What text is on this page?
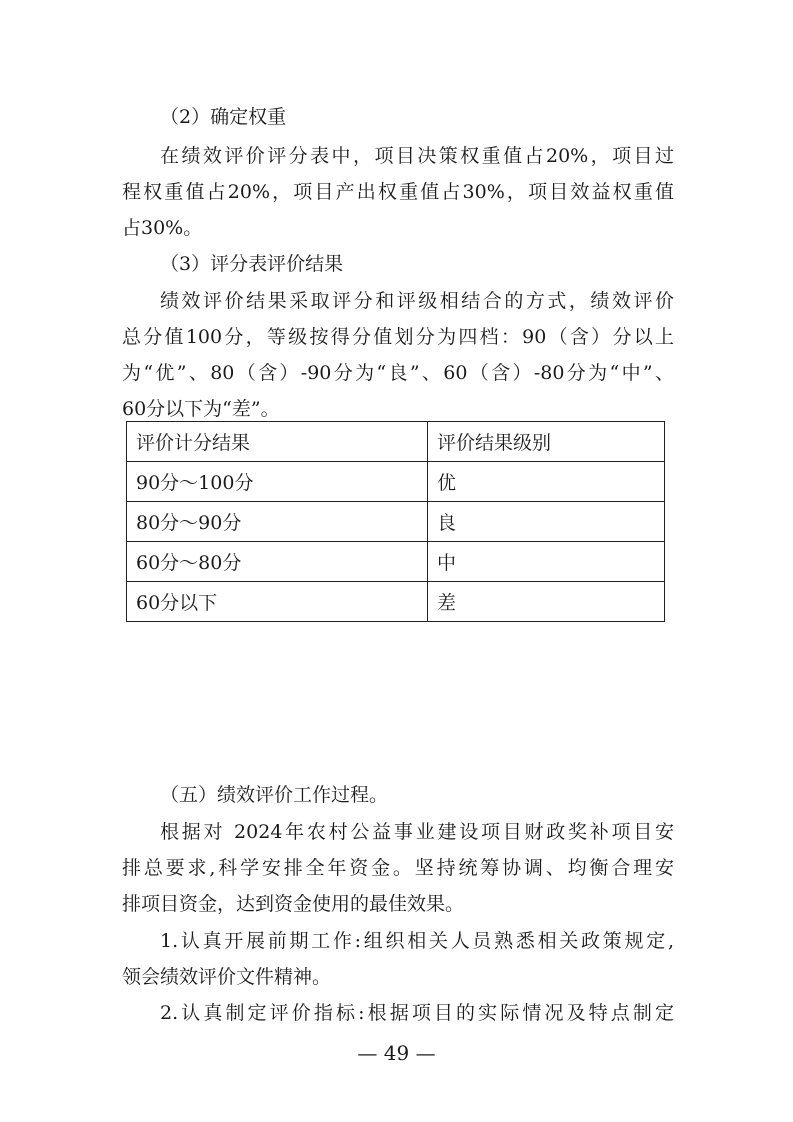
（2）确定权重
在绩效评价评分表中，项目决策权重值占20%，项目过
程权重值占20%，项目产出权重值占30%，项目效益权重值
占30%。
（3）评分表评价结果
绩效评价结果采取评分和评级相结合的方式，绩效评价
总分值100分，等级按得分值划分为四档：90（含）分以上
为“优”、80（含）-90分为“良”、60（含）-80分为“中”、
60分以下为“差”。
评价计分结果	评价结果级别
90分～100分	优
80分～90分	良
60分～80分	中
60分以下	差
（五）绩效评价工作过程。
根据对 2024年农村公益事业建设项目财政奖补项目安
排总要求,科学安排全年资金。坚持统筹协调、均衡合理安
排项目资金，达到资金使用的最佳效果。
1.认真开展前期工作:组织相关人员熟悉相关政策规定,
领会绩效评价文件精神。
2.认真制定评价指标:根据项目的实际情况及特点制定
— 49 —
